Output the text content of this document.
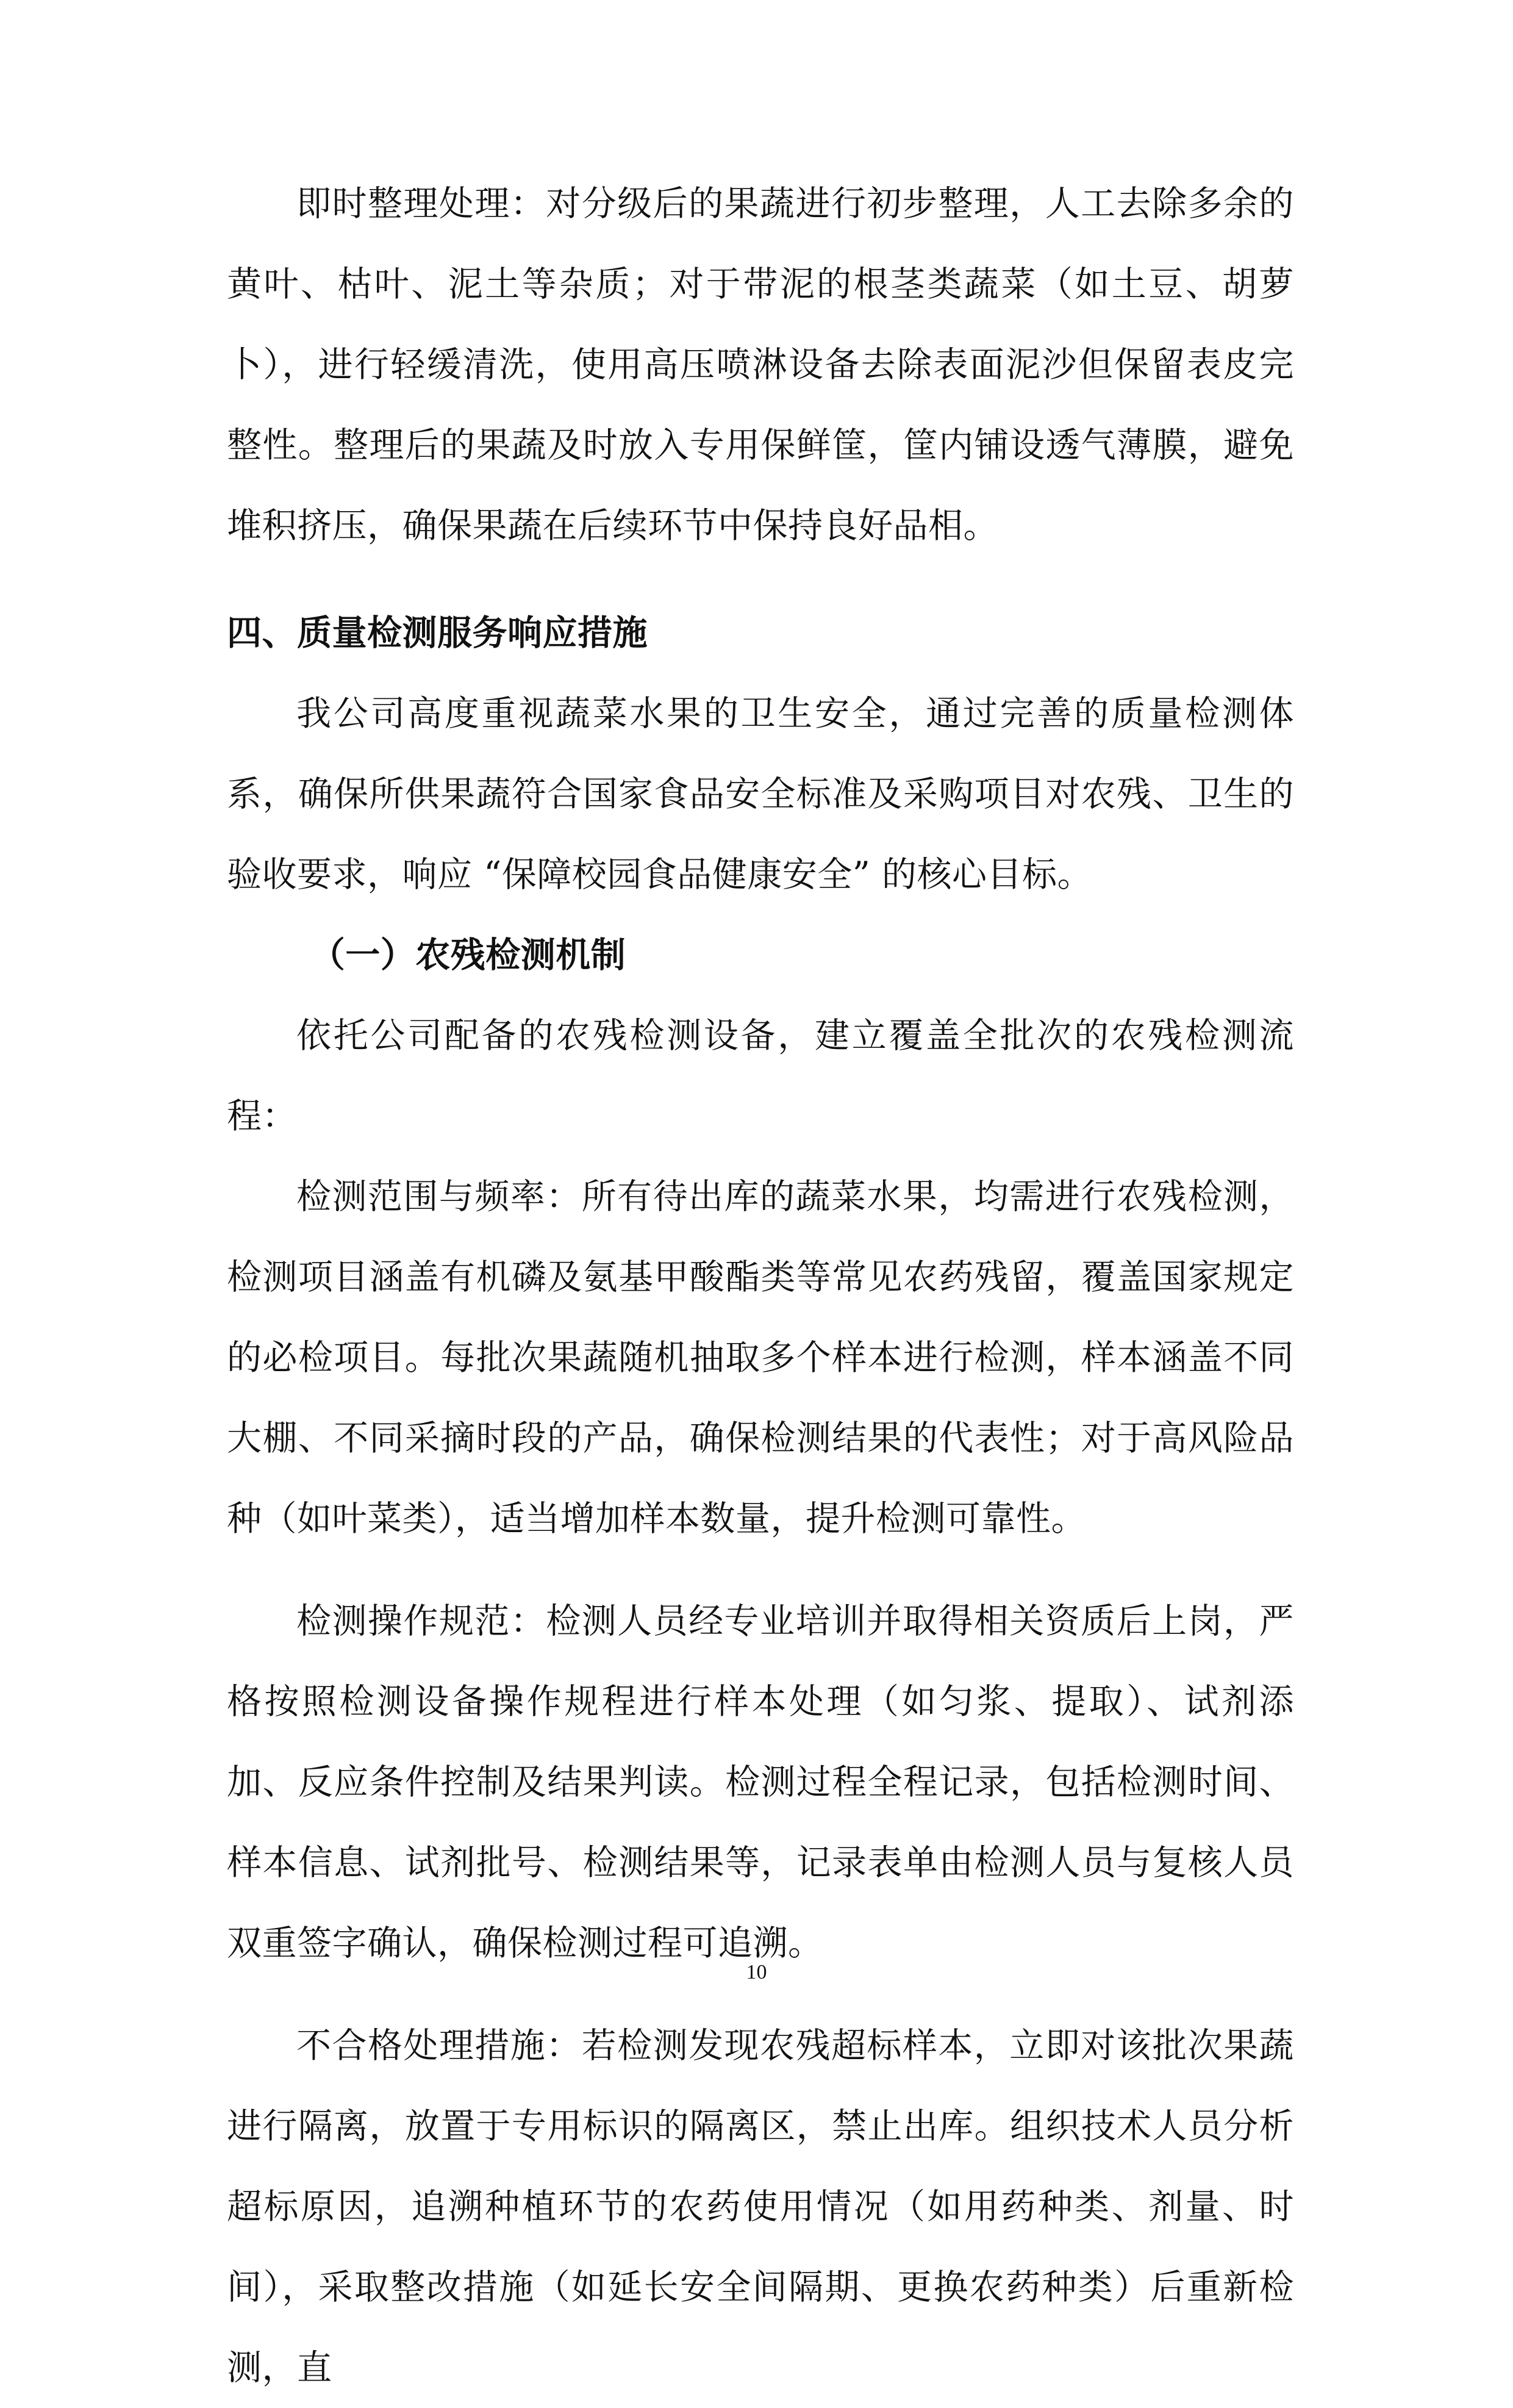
即时整理处理：对分级后的果蔬进行初步整理，人工去除多余的黄叶、枯叶、泥土等杂质；对于带泥的根茎类蔬菜（如土豆、胡萝卜），进行轻缓清洗，使用高压喷淋设备去除表面泥沙但保留表皮完整性。整理后的果蔬及时放入专用保鲜筐，筐内铺设透气薄膜，避免堆积挤压，确保果蔬在后续环节中保持良好品相。

四、质量检测服务响应措施

我公司高度重视蔬菜水果的卫生安全，通过完善的质量检测体系，确保所供果蔬符合国家食品安全标准及采购项目对农残、卫生的验收要求，响应 “保障校园食品健康安全” 的核心目标。

（一）农残检测机制

依托公司配备的农残检测设备，建立覆盖全批次的农残检测流程：

检测范围与频率：所有待出库的蔬菜水果，均需进行农残检测，检测项目涵盖有机磷及氨基甲酸酯类等常见农药残留，覆盖国家规定的必检项目。每批次果蔬随机抽取多个样本进行检测，样本涵盖不同大棚、不同采摘时段的产品，确保检测结果的代表性；对于高风险品种（如叶菜类），适当增加样本数量，提升检测可靠性。

检测操作规范：检测人员经专业培训并取得相关资质后上岗，严格按照检测设备操作规程进行样本处理（如匀浆、提取）、试剂添加、反应条件控制及结果判读。检测过程全程记录，包括检测时间、样本信息、试剂批号、检测结果等，记录表单由检测人员与复核人员双重签字确认，确保检测过程可追溯。

不合格处理措施：若检测发现农残超标样本，立即对该批次果蔬进行隔离，放置于专用标识的隔离区，禁止出库。组织技术人员分析超标原因，追溯种植环节的农药使用情况（如用药种类、剂量、时间），采取整改措施（如延长安全间隔期、更换农药种类）后重新检测，直

10
